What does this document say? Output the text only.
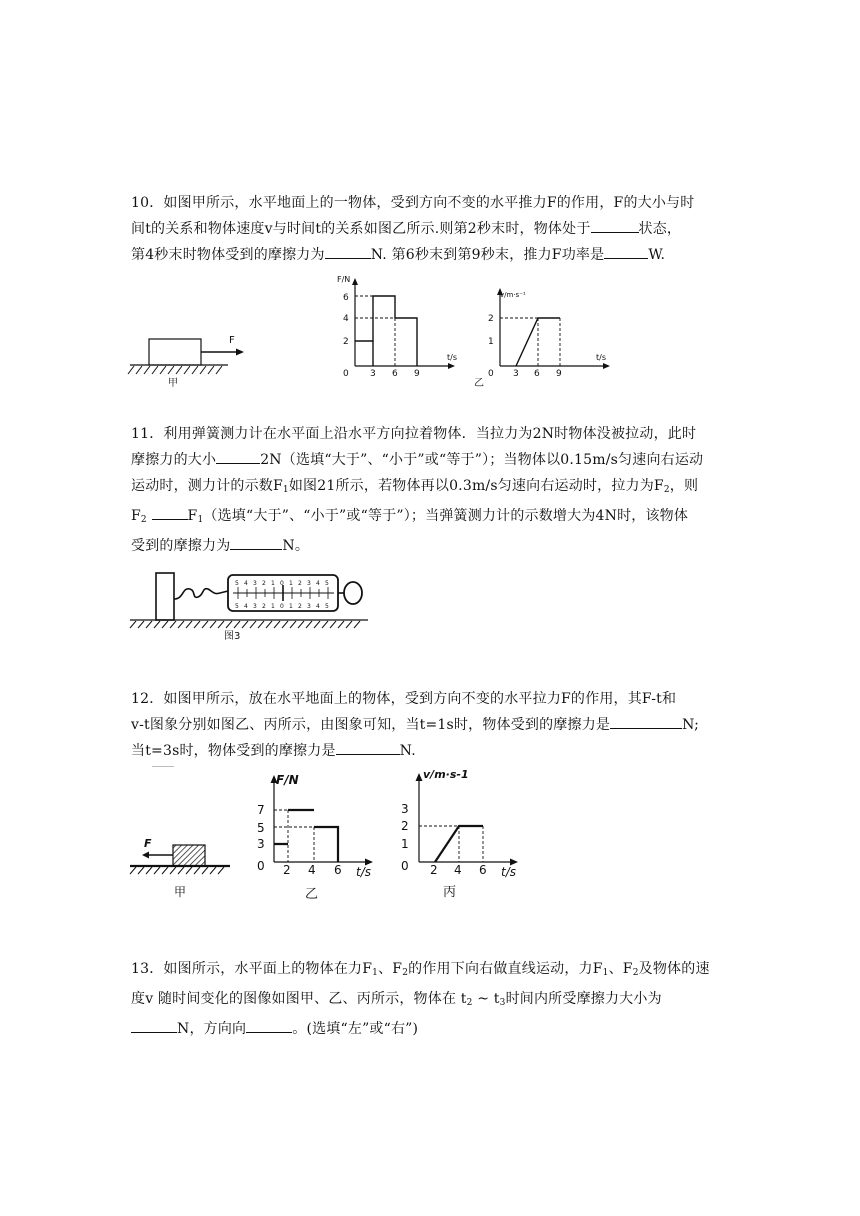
10．如图甲所示，水平地面上的一物体，受到方向不变的水平推力F的作用，F的大小与时

间t的关系和物体速度v与时间t的关系如图乙所示.则第2秒末时，物体处于	状态，

第4秒末时物体受到的摩擦力为	N. 第6秒末到第9秒末，推力F功率是	W.

F
甲
F/N
t/s
6
4
2
0 3 6 9
v/m·s⁻¹
t/s
2
1
0 3 6 9
乙

11．利用弹簧测力计在水平面上沿水平方向拉着物体．当拉力为2N时物体没被拉动，此时

摩擦力的大小	2N（选填“大于”、“小于”或“等于”）；当物体以0.15m/s匀速向右运动

运动时，测力计的示数$F_1$如图21所示，若物体再以0.3m/s匀速向右运动时，拉力为$F_2$，则

$F_2$	$F_1$（选填“大于”、“小于”或“等于”）；当弹簧测力计的示数增大为4N时，该物体

受到的摩擦力为	N。

5 4 3 2 1 0 1 2 3 4 5
5 4 3 2 1 0 1 2 3 4 5
图3

12．如图甲所示，放在水平地面上的物体，受到方向不变的水平拉力F的作用，其F-t和

v-t图象分别如图乙、丙所示，由图象可知，当t=1s时，物体受到的摩擦力是	N;

当t=3s时，物体受到的摩擦力是	N.

F
甲
F/N
t/s
7
5
3
0 2 4 6
乙
v/m·s-1
t/s
3
2
1
0 2 4 6
丙

13．如图所示，水平面上的物体在力$F_1$、$F_2$的作用下向右做直线运动，力$F_1$、$F_2$及物体的速

度v 随时间变化的图像如图甲、乙、丙所示，物体在 $t_2$ ~ $t_3$时间内所受摩擦力大小为

N，方向向	。(选填“左”或“右”)
